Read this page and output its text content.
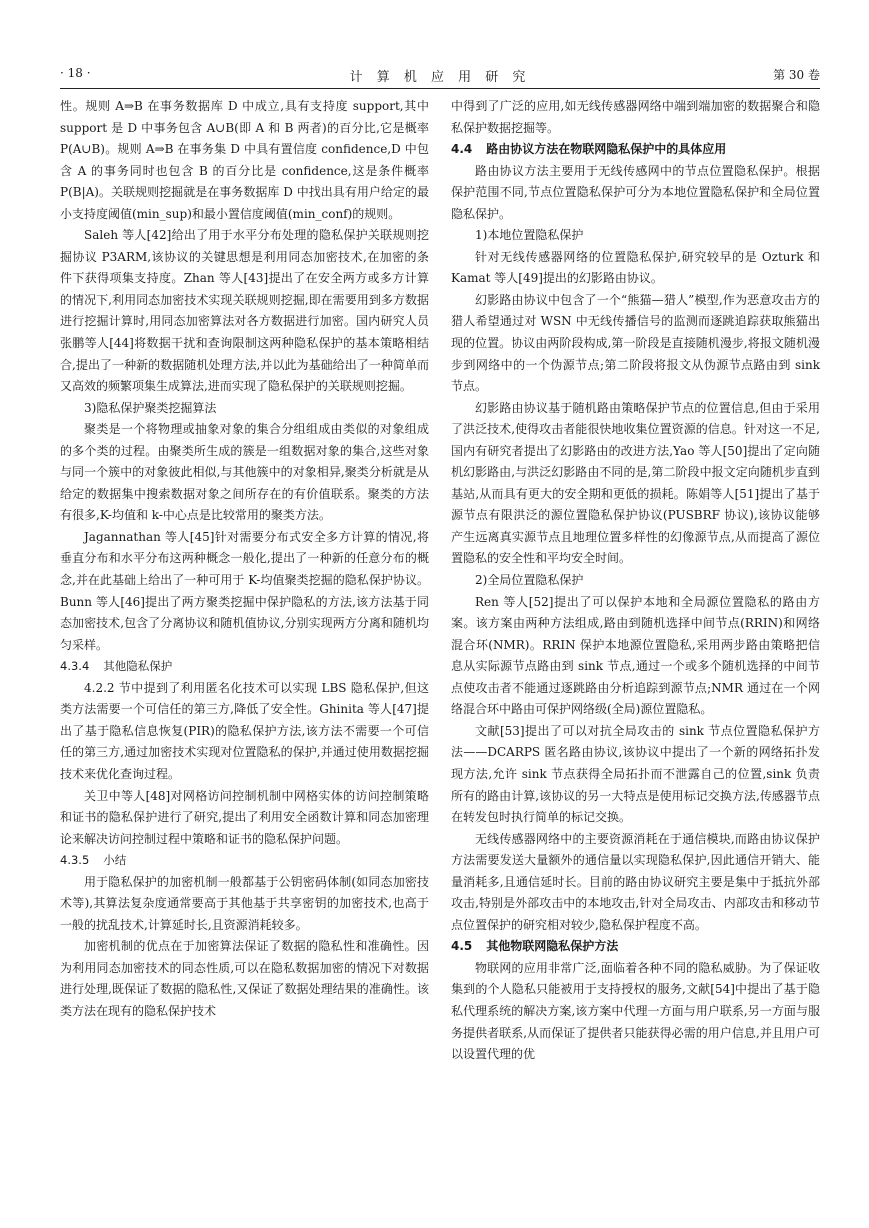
· 18 ·	计 算 机 应 用 研 究	第 30 卷

性。规则 A⇒B 在事务数据库 D 中成立,具有支持度 support,其中 support 是 D 中事务包含 A∪B(即 A 和 B 两者)的百分比,它是概率 P(A∪B)。规则 A⇒B 在事务集 D 中具有置信度 confidence,D 中包含 A 的事务同时也包含 B 的百分比是 confidence,这是条件概率 P(B|A)。关联规则挖掘就是在事务数据库 D 中找出具有用户给定的最小支持度阈值(min_sup)和最小置信度阈值(min_conf)的规则。

Saleh 等人[42]给出了用于水平分布处理的隐私保护关联规则挖掘协议 P3ARM,该协议的关键思想是利用同态加密技术,在加密的条件下获得项集支持度。Zhan 等人[43]提出了在安全两方或多方计算的情况下,利用同态加密技术实现关联规则挖掘,即在需要用到多方数据进行挖掘计算时,用同态加密算法对各方数据进行加密。国内研究人员张鹏等人[44]将数据干扰和查询限制这两种隐私保护的基本策略相结合,提出了一种新的数据随机处理方法,并以此为基础给出了一种简单而又高效的频繁项集生成算法,进而实现了隐私保护的关联规则挖掘。

3)隐私保护聚类挖掘算法

聚类是一个将物理或抽象对象的集合分组组成由类似的对象组成的多个类的过程。由聚类所生成的簇是一组数据对象的集合,这些对象与同一个簇中的对象彼此相似,与其他簇中的对象相异,聚类分析就是从给定的数据集中搜索数据对象之间所存在的有价值联系。聚类的方法有很多,K-均值和 k-中心点是比较常用的聚类方法。

Jagannathan 等人[45]针对需要分布式安全多方计算的情况,将垂直分布和水平分布这两种概念一般化,提出了一种新的任意分布的概念,并在此基础上给出了一种可用于 K-均值聚类挖掘的隐私保护协议。Bunn 等人[46]提出了两方聚类挖掘中保护隐私的方法,该方法基于同态加密技术,包含了分离协议和随机值协议,分别实现两方分离和随机均匀采样。

4.3.4 其他隐私保护

4.2.2 节中提到了利用匿名化技术可以实现 LBS 隐私保护,但这类方法需要一个可信任的第三方,降低了安全性。Ghinita 等人[47]提出了基于隐私信息恢复(PIR)的隐私保护方法,该方法不需要一个可信任的第三方,通过加密技术实现对位置隐私的保护,并通过使用数据挖掘技术来优化查询过程。

关卫中等人[48]对网格访问控制机制中网格实体的访问控制策略和证书的隐私保护进行了研究,提出了利用安全函数计算和同态加密理论来解决访问控制过程中策略和证书的隐私保护问题。

4.3.5 小结

用于隐私保护的加密机制一般都基于公钥密码体制(如同态加密技术等),其算法复杂度通常要高于其他基于共享密钥的加密技术,也高于一般的扰乱技术,计算延时长,且资源消耗较多。

加密机制的优点在于加密算法保证了数据的隐私性和准确性。因为利用同态加密技术的同态性质,可以在隐私数据加密的情况下对数据进行处理,既保证了数据的隐私性,又保证了数据处理结果的准确性。该类方法在现有的隐私保护技术

中得到了广泛的应用,如无线传感器网络中端到端加密的数据聚合和隐私保护数据挖掘等。

4.4 路由协议方法在物联网隐私保护中的具体应用

路由协议方法主要用于无线传感网中的节点位置隐私保护。根据保护范围不同,节点位置隐私保护可分为本地位置隐私保护和全局位置隐私保护。

1)本地位置隐私保护

针对无线传感器网络的位置隐私保护,研究较早的是 Ozturk 和 Kamat 等人[49]提出的幻影路由协议。

幻影路由协议中包含了一个“熊猫—猎人”模型,作为恶意攻击方的猎人希望通过对 WSN 中无线传播信号的监测而逐跳追踪获取熊猫出现的位置。协议由两阶段构成,第一阶段是直接随机漫步,将报文随机漫步到网络中的一个伪源节点;第二阶段将报文从伪源节点路由到 sink 节点。

幻影路由协议基于随机路由策略保护节点的位置信息,但由于采用了洪泛技术,使得攻击者能很快地收集位置资源的信息。针对这一不足,国内有研究者提出了幻影路由的改进方法,Yao 等人[50]提出了定向随机幻影路由,与洪泛幻影路由不同的是,第二阶段中报文定向随机步直到基站,从而具有更大的安全期和更低的损耗。陈娟等人[51]提出了基于源节点有限洪泛的源位置隐私保护协议(PUSBRF 协议),该协议能够产生远离真实源节点且地理位置多样性的幻像源节点,从而提高了源位置隐私的安全性和平均安全时间。

2)全局位置隐私保护

Ren 等人[52]提出了可以保护本地和全局源位置隐私的路由方案。该方案由两种方法组成,路由到随机选择中间节点(RRIN)和网络混合环(NMR)。RRIN 保护本地源位置隐私,采用两步路由策略把信息从实际源节点路由到 sink 节点,通过一个或多个随机选择的中间节点使攻击者不能通过逐跳路由分析追踪到源节点;NMR 通过在一个网络混合环中路由可保护网络级(全局)源位置隐私。

文献[53]提出了可以对抗全局攻击的 sink 节点位置隐私保护方法——DCARPS 匿名路由协议,该协议中提出了一个新的网络拓扑发现方法,允许 sink 节点获得全局拓扑而不泄露自己的位置,sink 负责所有的路由计算,该协议的另一大特点是使用标记交换方法,传感器节点在转发包时执行简单的标记交换。

无线传感器网络中的主要资源消耗在于通信模块,而路由协议保护方法需要发送大量额外的通信量以实现隐私保护,因此通信开销大、能量消耗多,且通信延时长。目前的路由协议研究主要是集中于抵抗外部攻击,特别是外部攻击中的本地攻击,针对全局攻击、内部攻击和移动节点位置保护的研究相对较少,隐私保护程度不高。

4.5 其他物联网隐私保护方法

物联网的应用非常广泛,面临着各种不同的隐私威胁。为了保证收集到的个人隐私只能被用于支持授权的服务,文献[54]中提出了基于隐私代理系统的解决方案,该方案中代理一方面与用户联系,另一方面与服务提供者联系,从而保证了提供者只能获得必需的用户信息,并且用户可以设置代理的优
